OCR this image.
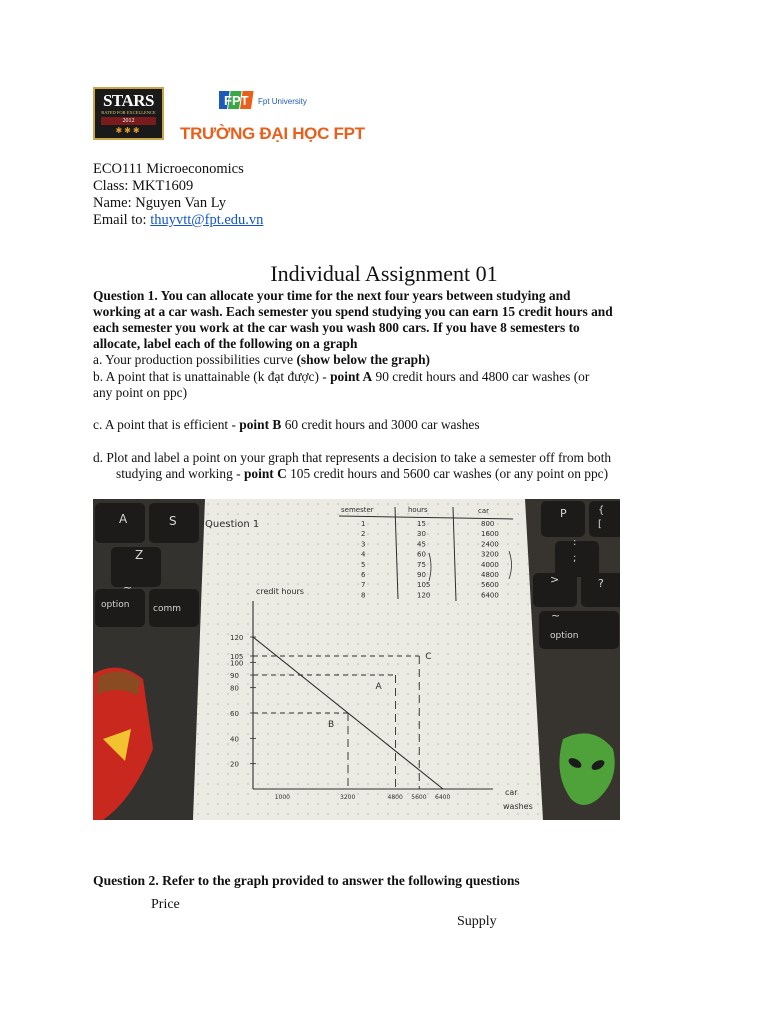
STARS
RATED FOR EXCELLENCE
2012
✱✱✱
FPT Fpt University
TRƯỜNG ĐẠI HỌC FPT
ECO111 Microeconomics
Class: MKT1609
Name: Nguyen Van Ly
Email to: thuyvtt@fpt.edu.vn
Individual Assignment 01
Question 1. You can allocate your time for the next four years between studying and
working at a car wash. Each semester you spend studying you can earn 15 credit hours and
each semester you work at the car wash you wash 800 cars. If you have 8 semesters to
allocate, label each of the following on a graph
a. Your production possibilities curve (show below the graph)
b. A point that is unattainable (k đạt được) - point A 90 credit hours and 4800 car washes (or
any point on ppc)
c. A point that is efficient - point B 60 credit hours and 3000 car washes
d. Plot and label a point on your graph that represents a decision to take a semester off from both
studying and working - point C 105 credit hours and 5600 car washes (or any point on ppc)
A	S
Z
~
option	comm
P	{
[
:
;
>	?
~
option
Question 1
semester	hours	car
1	15	800
2	30	1600
3	45	2400
4	60	3200
5	75	4000
6	90	4800
7	105	5600
8	120	6400
credit hours
car
washes
120
105
100
90
80
60
40
20
1000	3200	4800 5600 6400
A
B
C
Question 2. Refer to the graph provided to answer the following questions
Price
Supply
